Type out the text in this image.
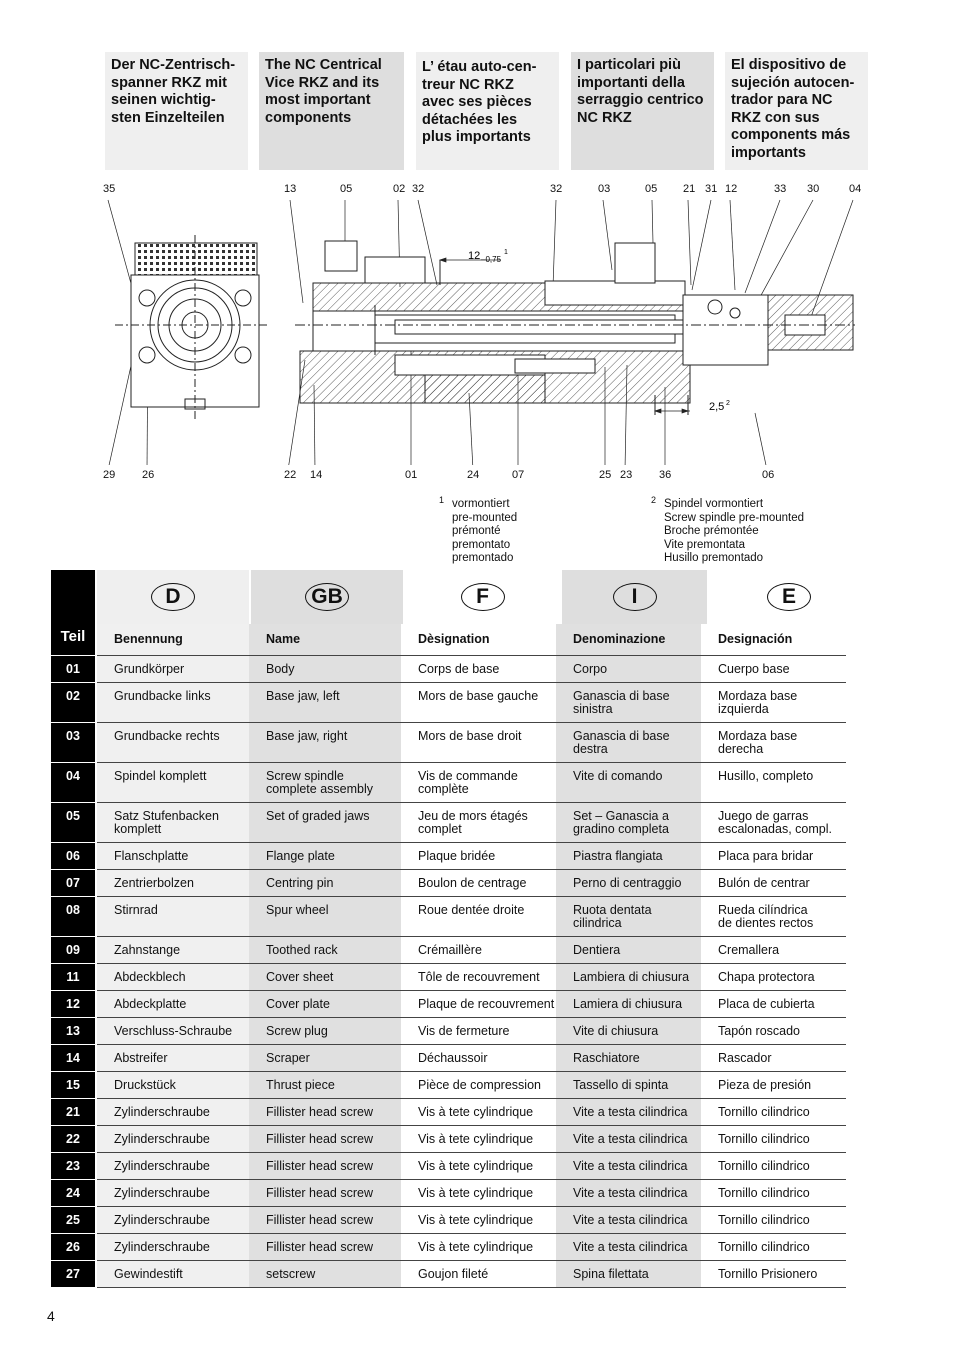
Der NC-Zentrisch-
spanner RKZ mit
seinen wichtig-
sten Einzelteilen
The NC Centrical
Vice RKZ and its
most important
components
L’ étau auto-cen-
treur NC RKZ
avec ses pièces
détachées les
plus importants
I particolari più
importanti della
serraggio centrico
NC RKZ
El dispositivo de
sujeción autocen-
trador para NC
RKZ con sus
components más
importants
35	13	05	02 32	32	03	05 21 31 12	33 30	04
29 26	22 14	01	24	07	25 23 36	06
12 –0,75
1
2,5 2
1 vormontiert
pre-mounted
prémonté
premontato
premontado
2 Spindel vormontiert
Screw spindle pre-mounted
Broche prémontée
Vite premontata
Husillo premontado
D	GB	F	I	E
Teil		Benennung	Name	Dèsignation	Denominazione	Designación
01		Grundkörper	Body	Corps de base	Corpo	Cuerpo base

02		Grundbacke links	Base jaw, left	Mors de base gauche	Ganascia di base
sinistra	Mordaza base
izquierda

03		Grundbacke rechts	Base jaw, right	Mors de base droit	Ganascia di base destra	Mordaza base
derecha

04		Spindel komplett	Screw spindle
complete assembly	Vis de commande
complète	Vite di comando	Husillo, completo

05		Satz Stufenbacken
komplett	Set of graded jaws	Jeu de mors étagés
complet	Set – Ganascia a
gradino completa	Juego de garras
escalonadas, compl.

06		Flanschplatte	Flange plate	Plaque bridée	Piastra flangiata	Placa para bridar

07		Zentrierbolzen	Centring pin	Boulon de centrage	Perno di centraggio	Bulón de centrar

08		Stirnrad	Spur wheel	Roue dentée droite	Ruota dentata
cilindrica	Rueda cilíndrica
de dientes rectos

09		Zahnstange	Toothed rack	Crémaillère	Dentiera	Cremallera

11		Abdeckblech	Cover sheet	Tôle de recouvrement	Lambiera di chiusura	Chapa protectora

12		Abdeckplatte	Cover plate	Plaque de recouvrement	Lamiera di chiusura	Placa de cubierta

13		Verschluss-Schraube	Screw plug	Vis de fermeture	Vite di chiusura	Tapón roscado

14		Abstreifer	Scraper	Déchaussoir	Raschiatore	Rascador

15		Druckstück	Thrust piece	Pièce de compression	Tassello di spinta	Pieza de presión

21		Zylinderschraube	Fillister head screw	Vis à tete cylindrique	Vite a testa cilindrica	Tornillo cilindrico

22		Zylinderschraube	Fillister head screw	Vis à tete cylindrique	Vite a testa cilindrica	Tornillo cilindrico

23		Zylinderschraube	Fillister head screw	Vis à tete cylindrique	Vite a testa cilindrica	Tornillo cilindrico

24		Zylinderschraube	Fillister head screw	Vis à tete cylindrique	Vite a testa cilindrica	Tornillo cilindrico

25		Zylinderschraube	Fillister head screw	Vis à tete cylindrique	Vite a testa cilindrica	Tornillo cilindrico

26		Zylinderschraube	Fillister head screw	Vis à tete cylindrique	Vite a testa cilindrica	Tornillo cilindrico

27		Gewindestift	setscrew	Goujon fileté	Spina filettata	Tornillo Prisionero
4
